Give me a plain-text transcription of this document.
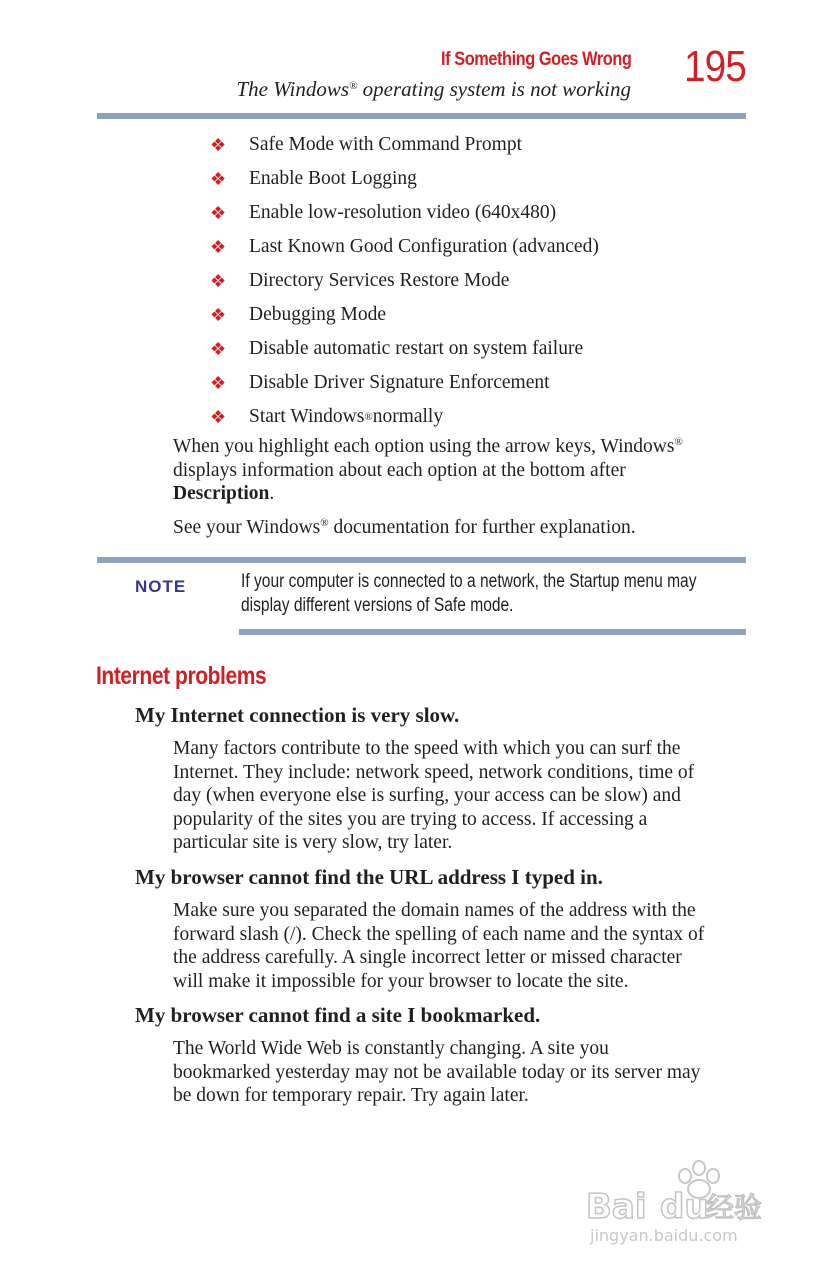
If Something Goes Wrong
The Windows® operating system is not working 195
❖	Safe Mode with Command Prompt
❖	Enable Boot Logging
❖	Enable low-resolution video (640x480)
❖	Last Known Good Configuration (advanced)
❖	Directory Services Restore Mode
❖	Debugging Mode
❖	Disable automatic restart on system failure
❖	Disable Driver Signature Enforcement
❖	Start Windows ® normally

When you highlight each option using the arrow keys, Windows®
displays information about each option at the bottom after
Description.

See your Windows® documentation for further explanation.

NOTE	If your computer is connected to a network, the Startup menu may
display different versions of Safe mode.

Internet problems
My Internet connection is very slow.

Many factors contribute to the speed with which you can surf the
Internet. They include: network speed, network conditions, time of
day (when everyone else is surfing, your access can be slow) and
popularity of the sites you are trying to access. If accessing a
particular site is very slow, try later.

My browser cannot find the URL address I typed in.

Make sure you separated the domain names of the address with the
forward slash (/). Check the spelling of each name and the syntax of
the address carefully. A single incorrect letter or missed character
will make it impossible for your browser to locate the site.

My browser cannot find a site I bookmarked.

The World Wide Web is constantly changing. A site you
bookmarked yesterday may not be available today or its server may
be down for temporary repair. Try again later.

Bai du
经验
jingyan.baidu.com
